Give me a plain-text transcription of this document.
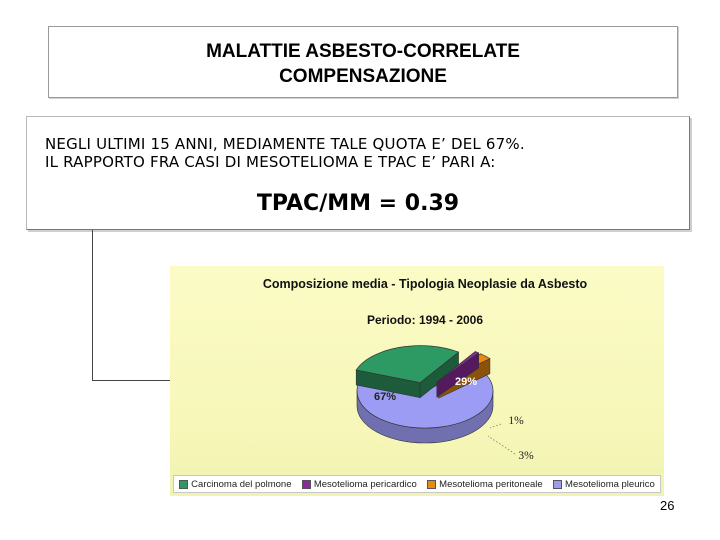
MALATTIE ASBESTO-CORRELATE
COMPENSAZIONE
NEGLI ULTIMI 15 ANNI, MEDIAMENTE TALE QUOTA E’ DEL 67%.
IL RAPPORTO FRA CASI DI MESOTELIOMA E TPAC E’ PARI A:
TPAC/MM = 0.39
Composizione media - Tipologia Neoplasie da Asbesto
Periodo: 1994 - 2006
29%
1%
3%
67%
Carcinoma del polmone Mesotelioma pericardico Mesotelioma peritoneale Mesotelioma pleurico
26
